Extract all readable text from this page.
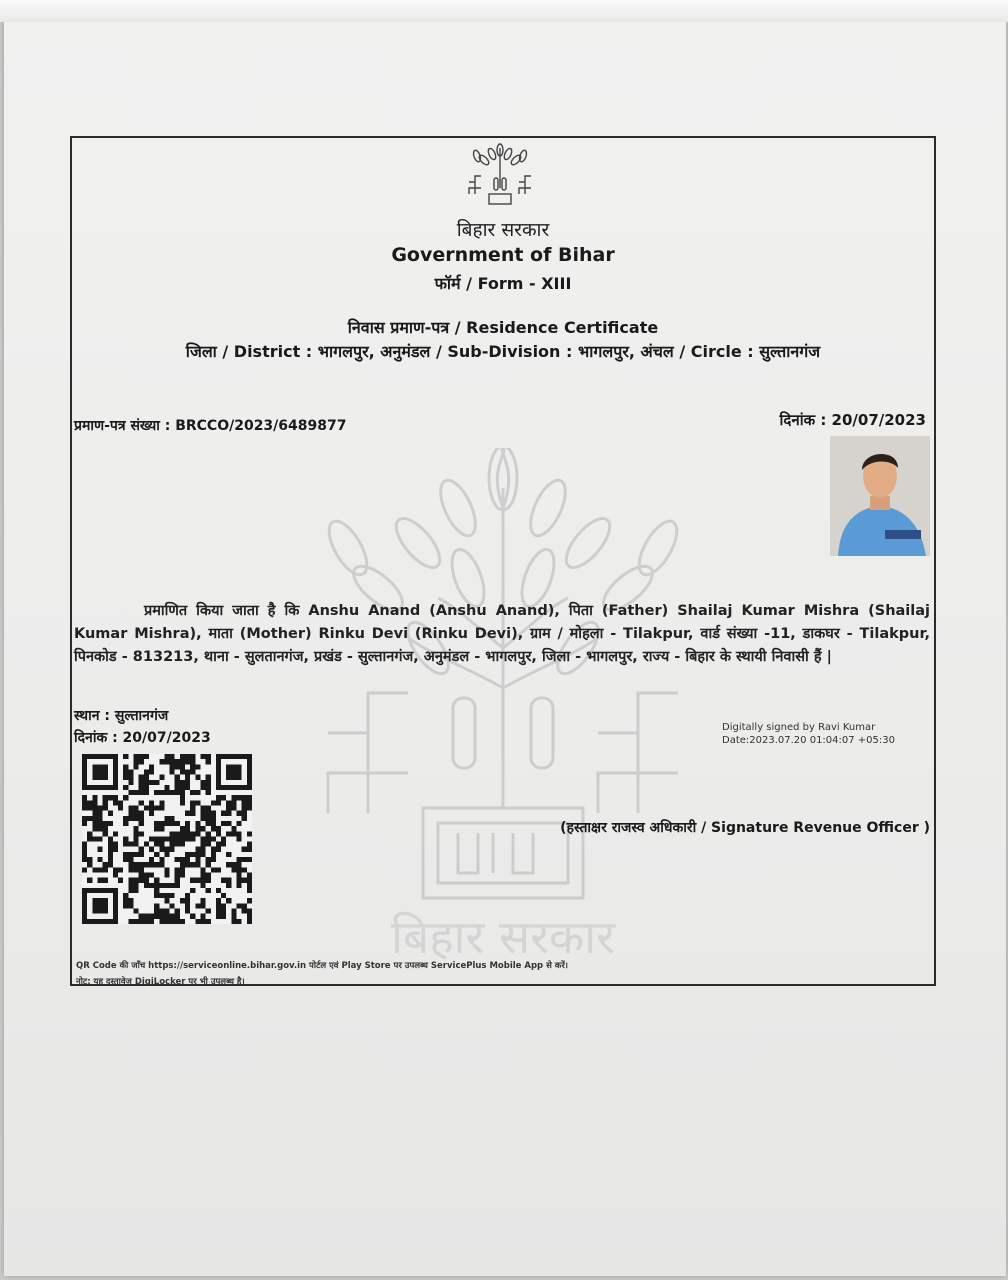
बिहार सरकार
बिहार सरकार
Government of Bihar
फॉर्म / Form - XIII
निवास प्रमाण-पत्र / Residence Certificate
जिला / District : भागलपुर, अनुमंडल / Sub-Division : भागलपुर, अंचल / Circle : सुल्तानगंज
प्रमाण-पत्र संख्या : BRCCO/2023/6489877	दिनांक : 20/07/2023
प्रमाणित किया जाता है कि Anshu Anand (Anshu Anand), पिता (Father) Shailaj Kumar Mishra (Shailaj Kumar Mishra), माता (Mother) Rinku Devi (Rinku Devi), ग्राम / मोहला - Tilakpur, वार्ड संख्या -11, डाकघर - Tilakpur, पिनकोड - 813213, थाना - सुलतानगंज, प्रखंड - सुल्तानगंज, अनुमंडल - भागलपुर, जिला - भागलपुर, राज्य - बिहार के स्थायी निवासी हैं |
स्थान : सुल्तानगंज
दिनांक : 20/07/2023
Digitally signed by Ravi Kumar
Date:2023.07.20 01:04:07 +05:30
(हस्ताक्षर राजस्व अधिकारी / Signature Revenue Officer )
QR Code की जाँच https://serviceonline.bihar.gov.in पोर्टल एवं Play Store पर उपलब्ध ServicePlus Mobile App से करें।
नोट: यह दस्तावेज DigiLocker पर भी उपलब्ध है।
